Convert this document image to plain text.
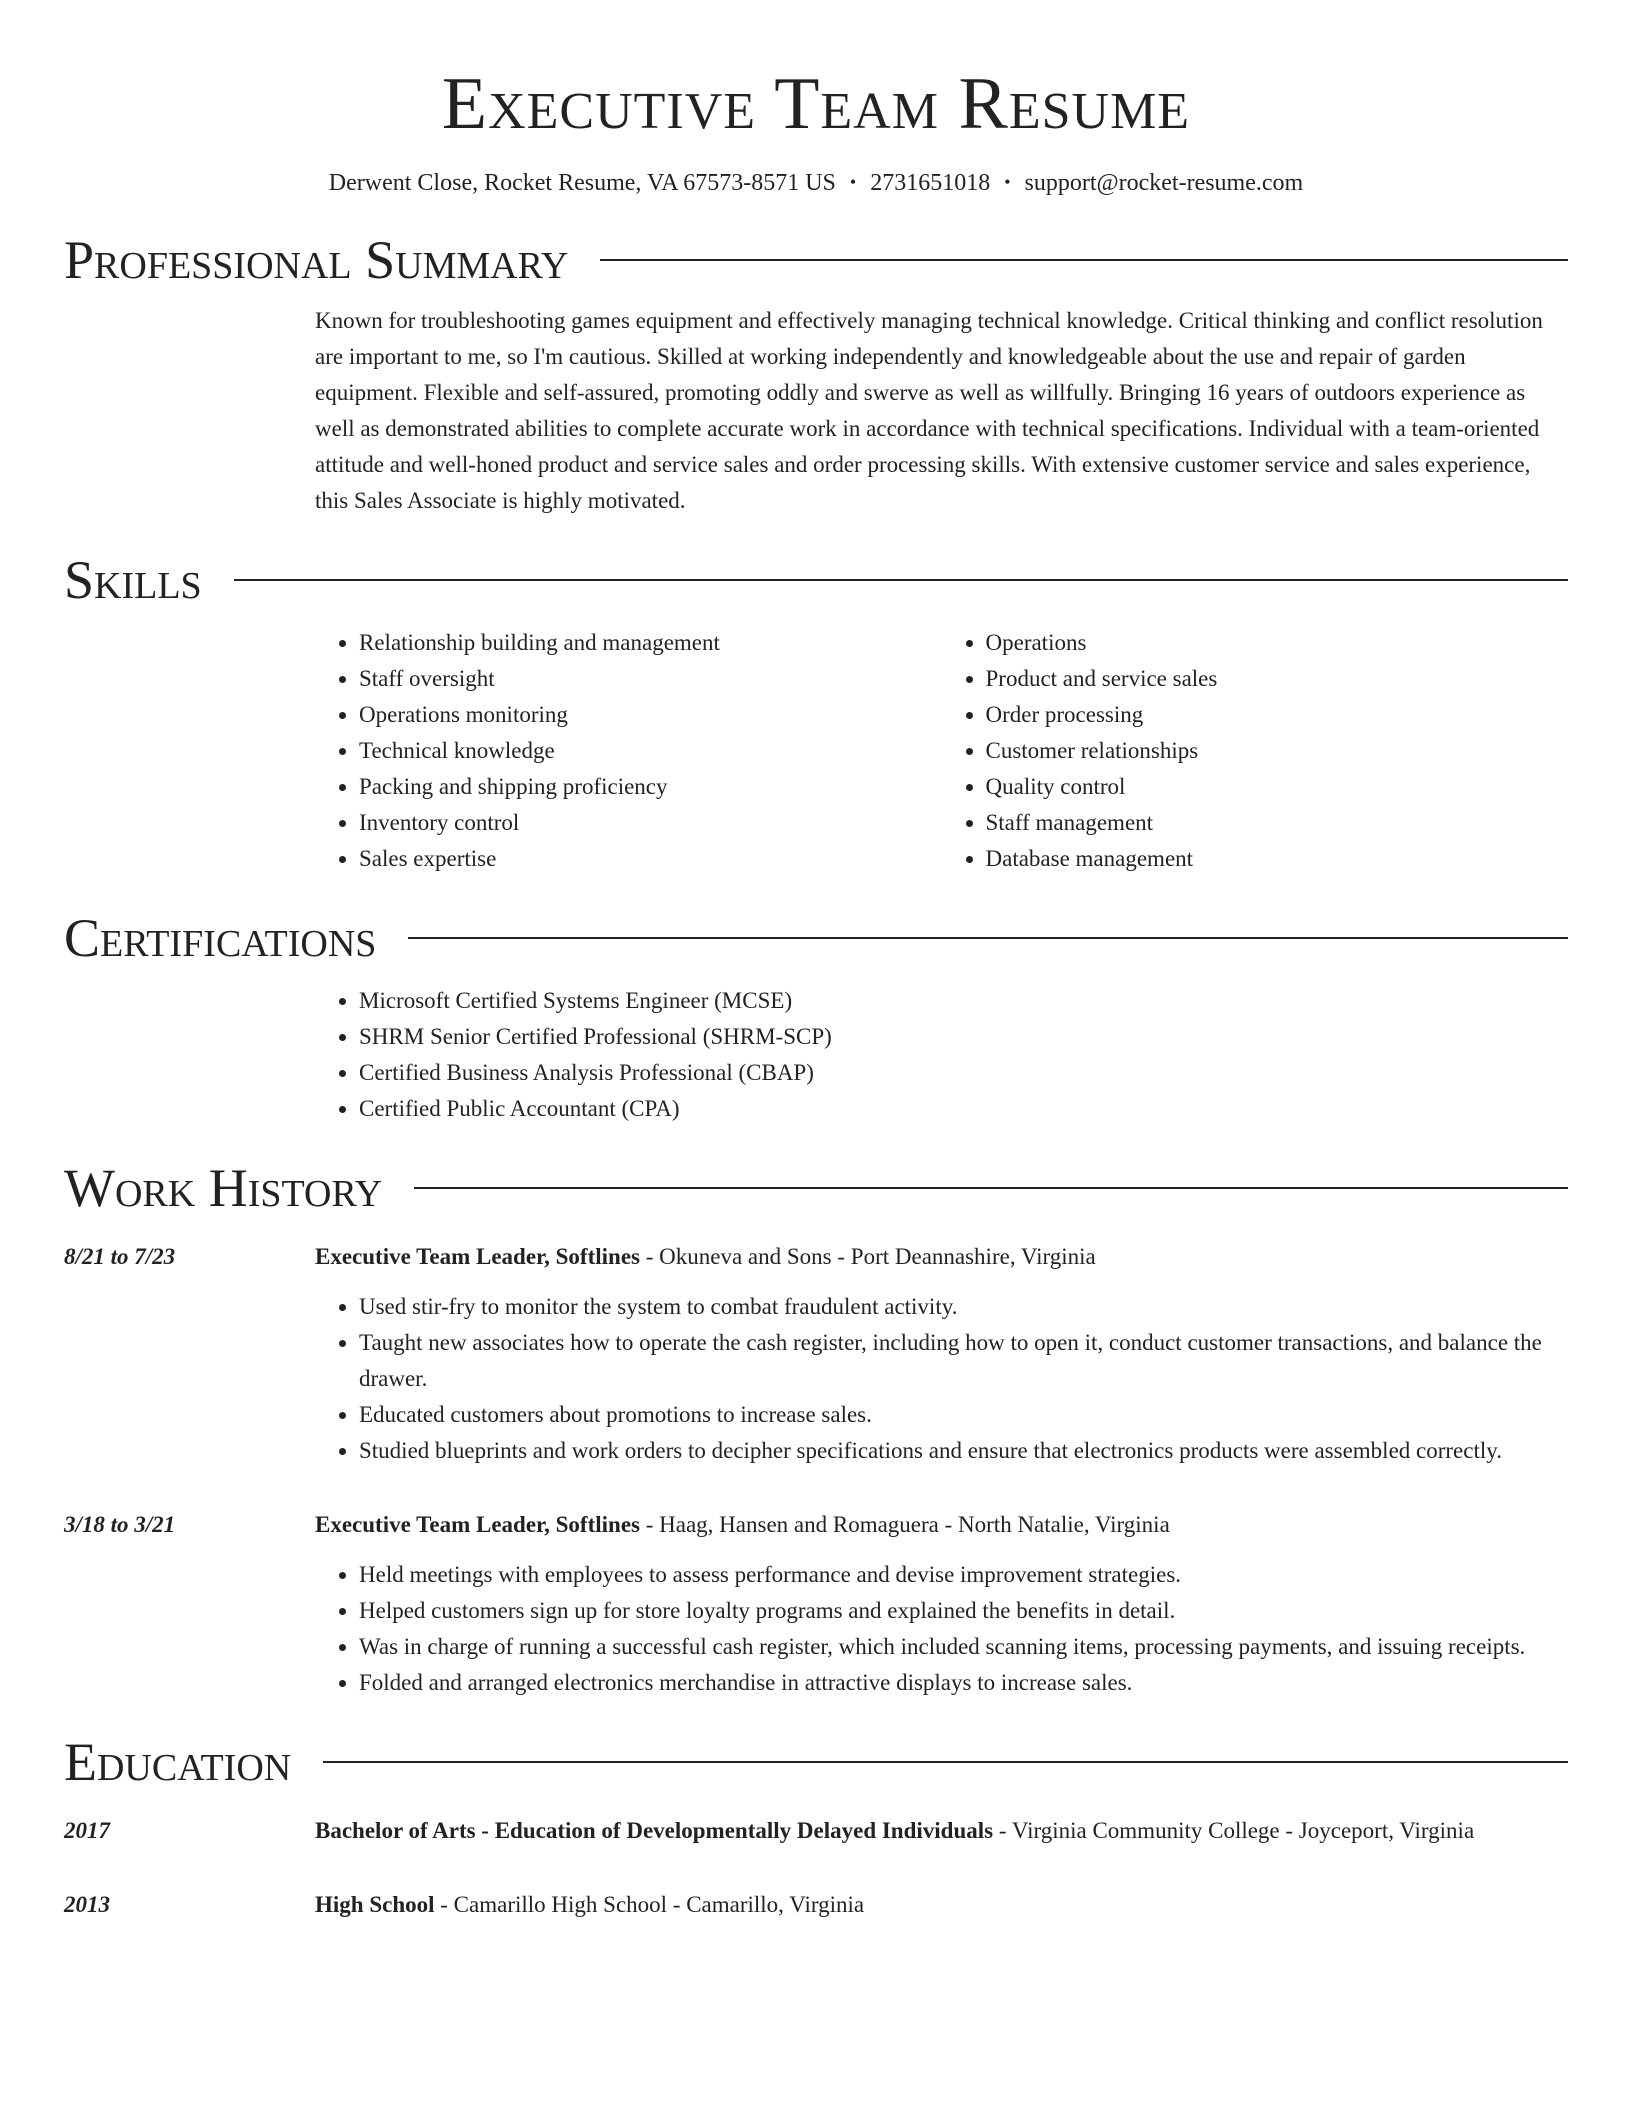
Executive Team Resume
Derwent Close, Rocket Resume, VA 67573-8571 US • 2731651018 • support@rocket-resume.com
Professional Summary
Known for troubleshooting games equipment and effectively managing technical knowledge. Critical thinking and conflict resolution are important to me, so I'm cautious. Skilled at working independently and knowledgeable about the use and repair of garden equipment. Flexible and self-assured, promoting oddly and swerve as well as willfully. Bringing 16 years of outdoors experience as well as demonstrated abilities to complete accurate work in accordance with technical specifications. Individual with a team-oriented attitude and well-honed product and service sales and order processing skills. With extensive customer service and sales experience, this Sales Associate is highly motivated.
Skills
• Relationship building and management
• Staff oversight
• Operations monitoring
• Technical knowledge
• Packing and shipping proficiency
• Inventory control
• Sales expertise
• Operations
• Product and service sales
• Order processing
• Customer relationships
• Quality control
• Staff management
• Database management
Certifications
• Microsoft Certified Systems Engineer (MCSE)
• SHRM Senior Certified Professional (SHRM-SCP)
• Certified Business Analysis Professional (CBAP)
• Certified Public Accountant (CPA)
Work History
8/21 to 7/23	Executive Team Leader, Softlines - Okuneva and Sons - Port Deannashire, Virginia
• Used stir-fry to monitor the system to combat fraudulent activity.
• Taught new associates how to operate the cash register, including how to open it, conduct customer transactions, and balance the drawer.
• Educated customers about promotions to increase sales.
• Studied blueprints and work orders to decipher specifications and ensure that electronics products were assembled correctly.
3/18 to 3/21	Executive Team Leader, Softlines - Haag, Hansen and Romaguera - North Natalie, Virginia
• Held meetings with employees to assess performance and devise improvement strategies.
• Helped customers sign up for store loyalty programs and explained the benefits in detail.
• Was in charge of running a successful cash register, which included scanning items, processing payments, and issuing receipts.
• Folded and arranged electronics merchandise in attractive displays to increase sales.
Education
2017	Bachelor of Arts - Education of Developmentally Delayed Individuals - Virginia Community College - Joyceport, Virginia
2013	High School - Camarillo High School - Camarillo, Virginia
